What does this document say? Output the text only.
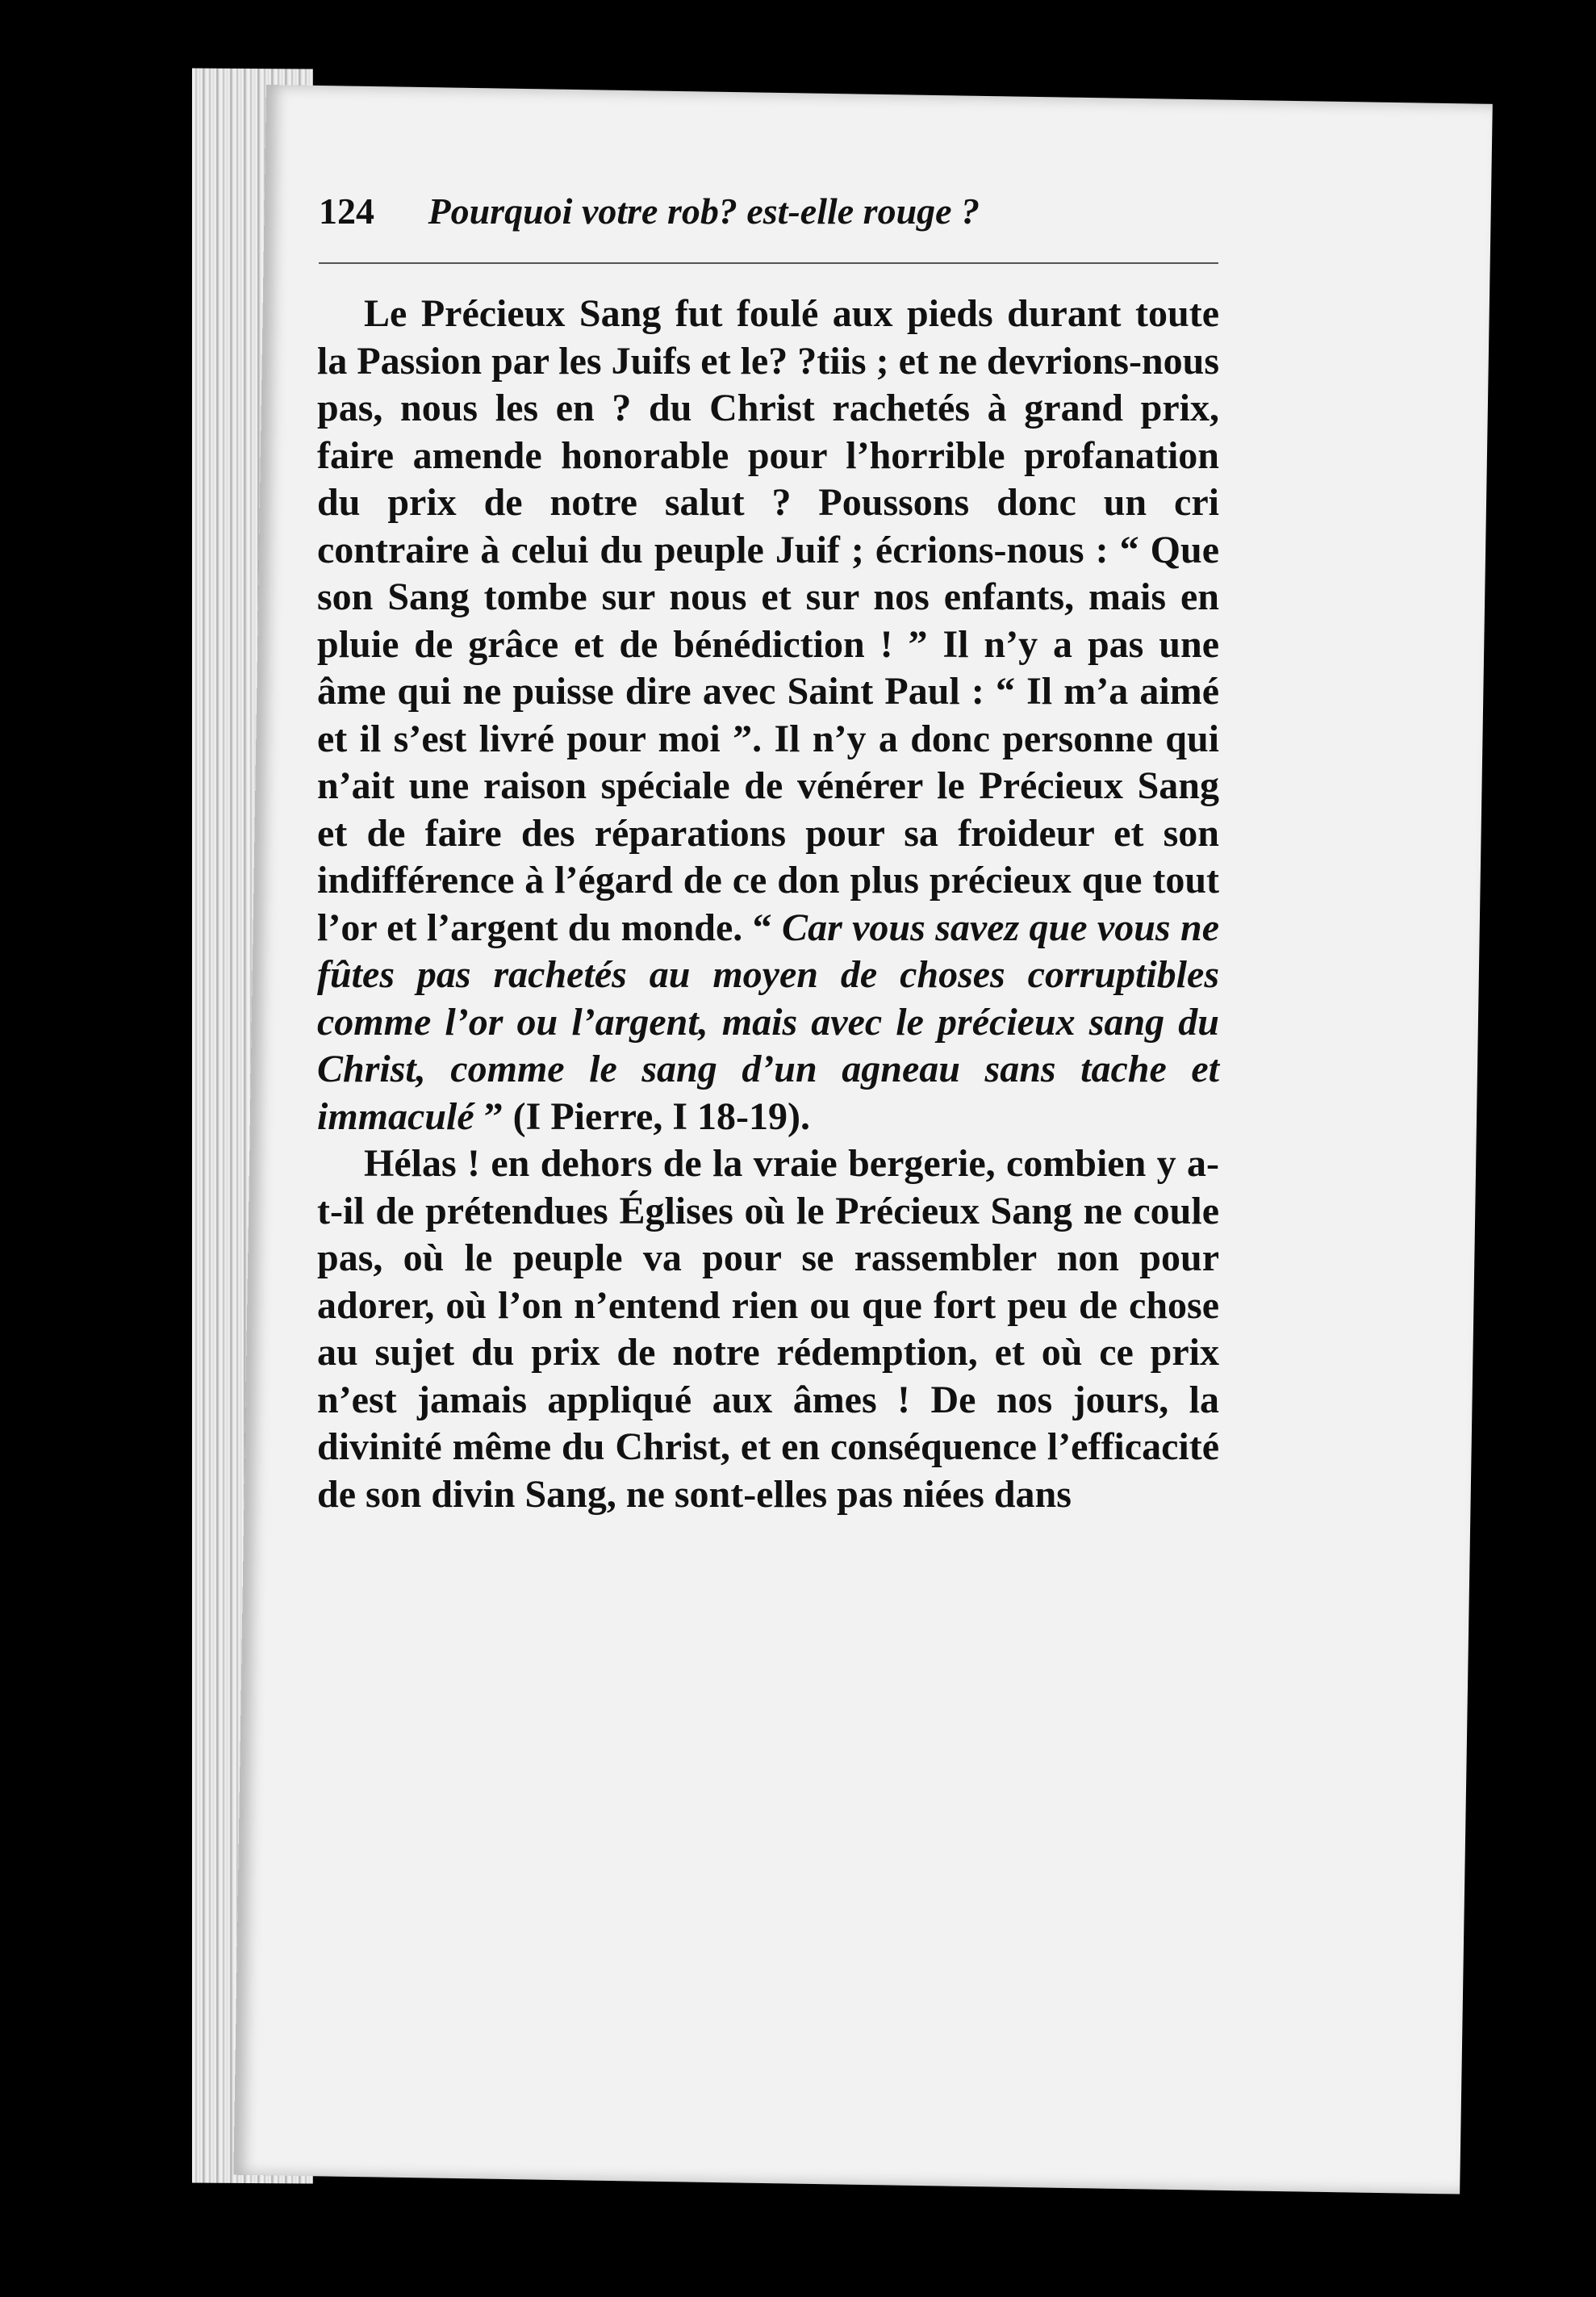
124 Pourquoi votre rob? est-elle rouge ?

Le Précieux Sang fut foulé aux pieds durant toute la Passion par les Juifs et le? ?tiis ; et ne devrions-nous pas, nous les en ? du Christ rachetés à grand prix, faire amende honorable pour l’horrible profanation du prix de notre salut ? Poussons donc un cri contraire à celui du peuple Juif ; écrions-nous : “ Que son Sang tombe sur nous et sur nos enfants, mais en pluie de grâce et de bénédiction ! ” Il n’y a pas une âme qui ne puisse dire avec Saint Paul : “ Il m’a aimé et il s’est livré pour moi ”. Il n’y a donc personne qui n’ait une raison spéciale de vénérer le Précieux Sang et de faire des réparations pour sa froideur et son indifférence à l’égard de ce don plus précieux que tout l’or et l’argent du monde. “ Car vous savez que vous ne fûtes pas rachetés au moyen de choses corruptibles comme l’or ou l’argent, mais avec le précieux sang du Christ, comme le sang d’un agneau sans tache et immaculé ” (I Pierre, I 18-19).

Hélas ! en dehors de la vraie bergerie, combien y a-t-il de prétendues Églises où le Précieux Sang ne coule pas, où le peuple va pour se rassembler non pour adorer, où l’on n’entend rien ou que fort peu de chose au sujet du prix de notre rédemption, et où ce prix n’est jamais appliqué aux âmes ! De nos jours, la divinité même du Christ, et en conséquence l’efficacité de son divin Sang, ne sont-elles pas niées dans
